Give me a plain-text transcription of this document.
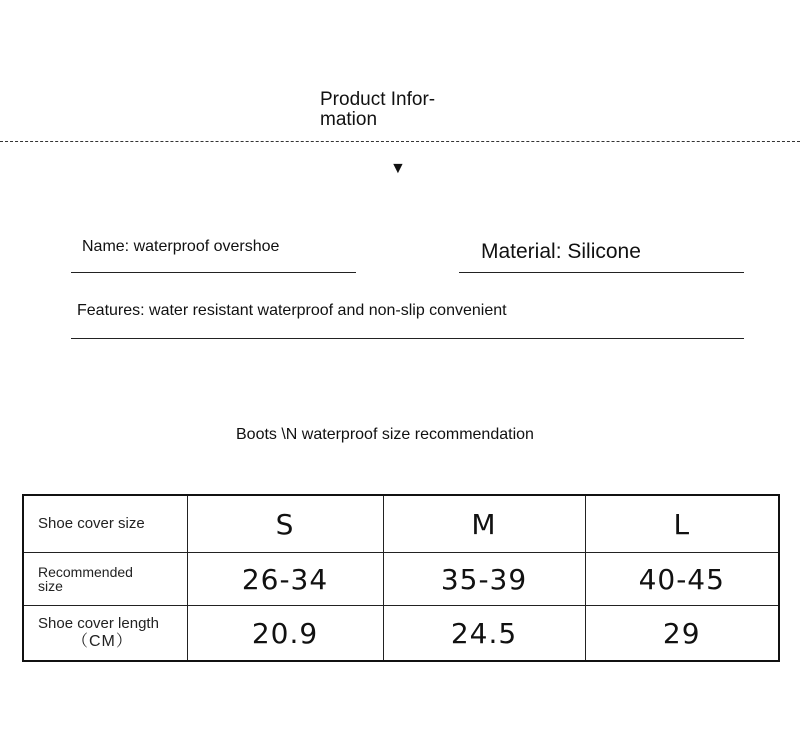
Product Infor-
mation
▼
Name: waterproof overshoe	Material: Silicone
Features: water resistant waterproof and non-slip convenient
Boots \N waterproof size recommendation
Shoe cover size	S	M	L

Recommended
size	26-34	35-39	40-45

Shoe cover length
（CM）	20.9	24.5	29
